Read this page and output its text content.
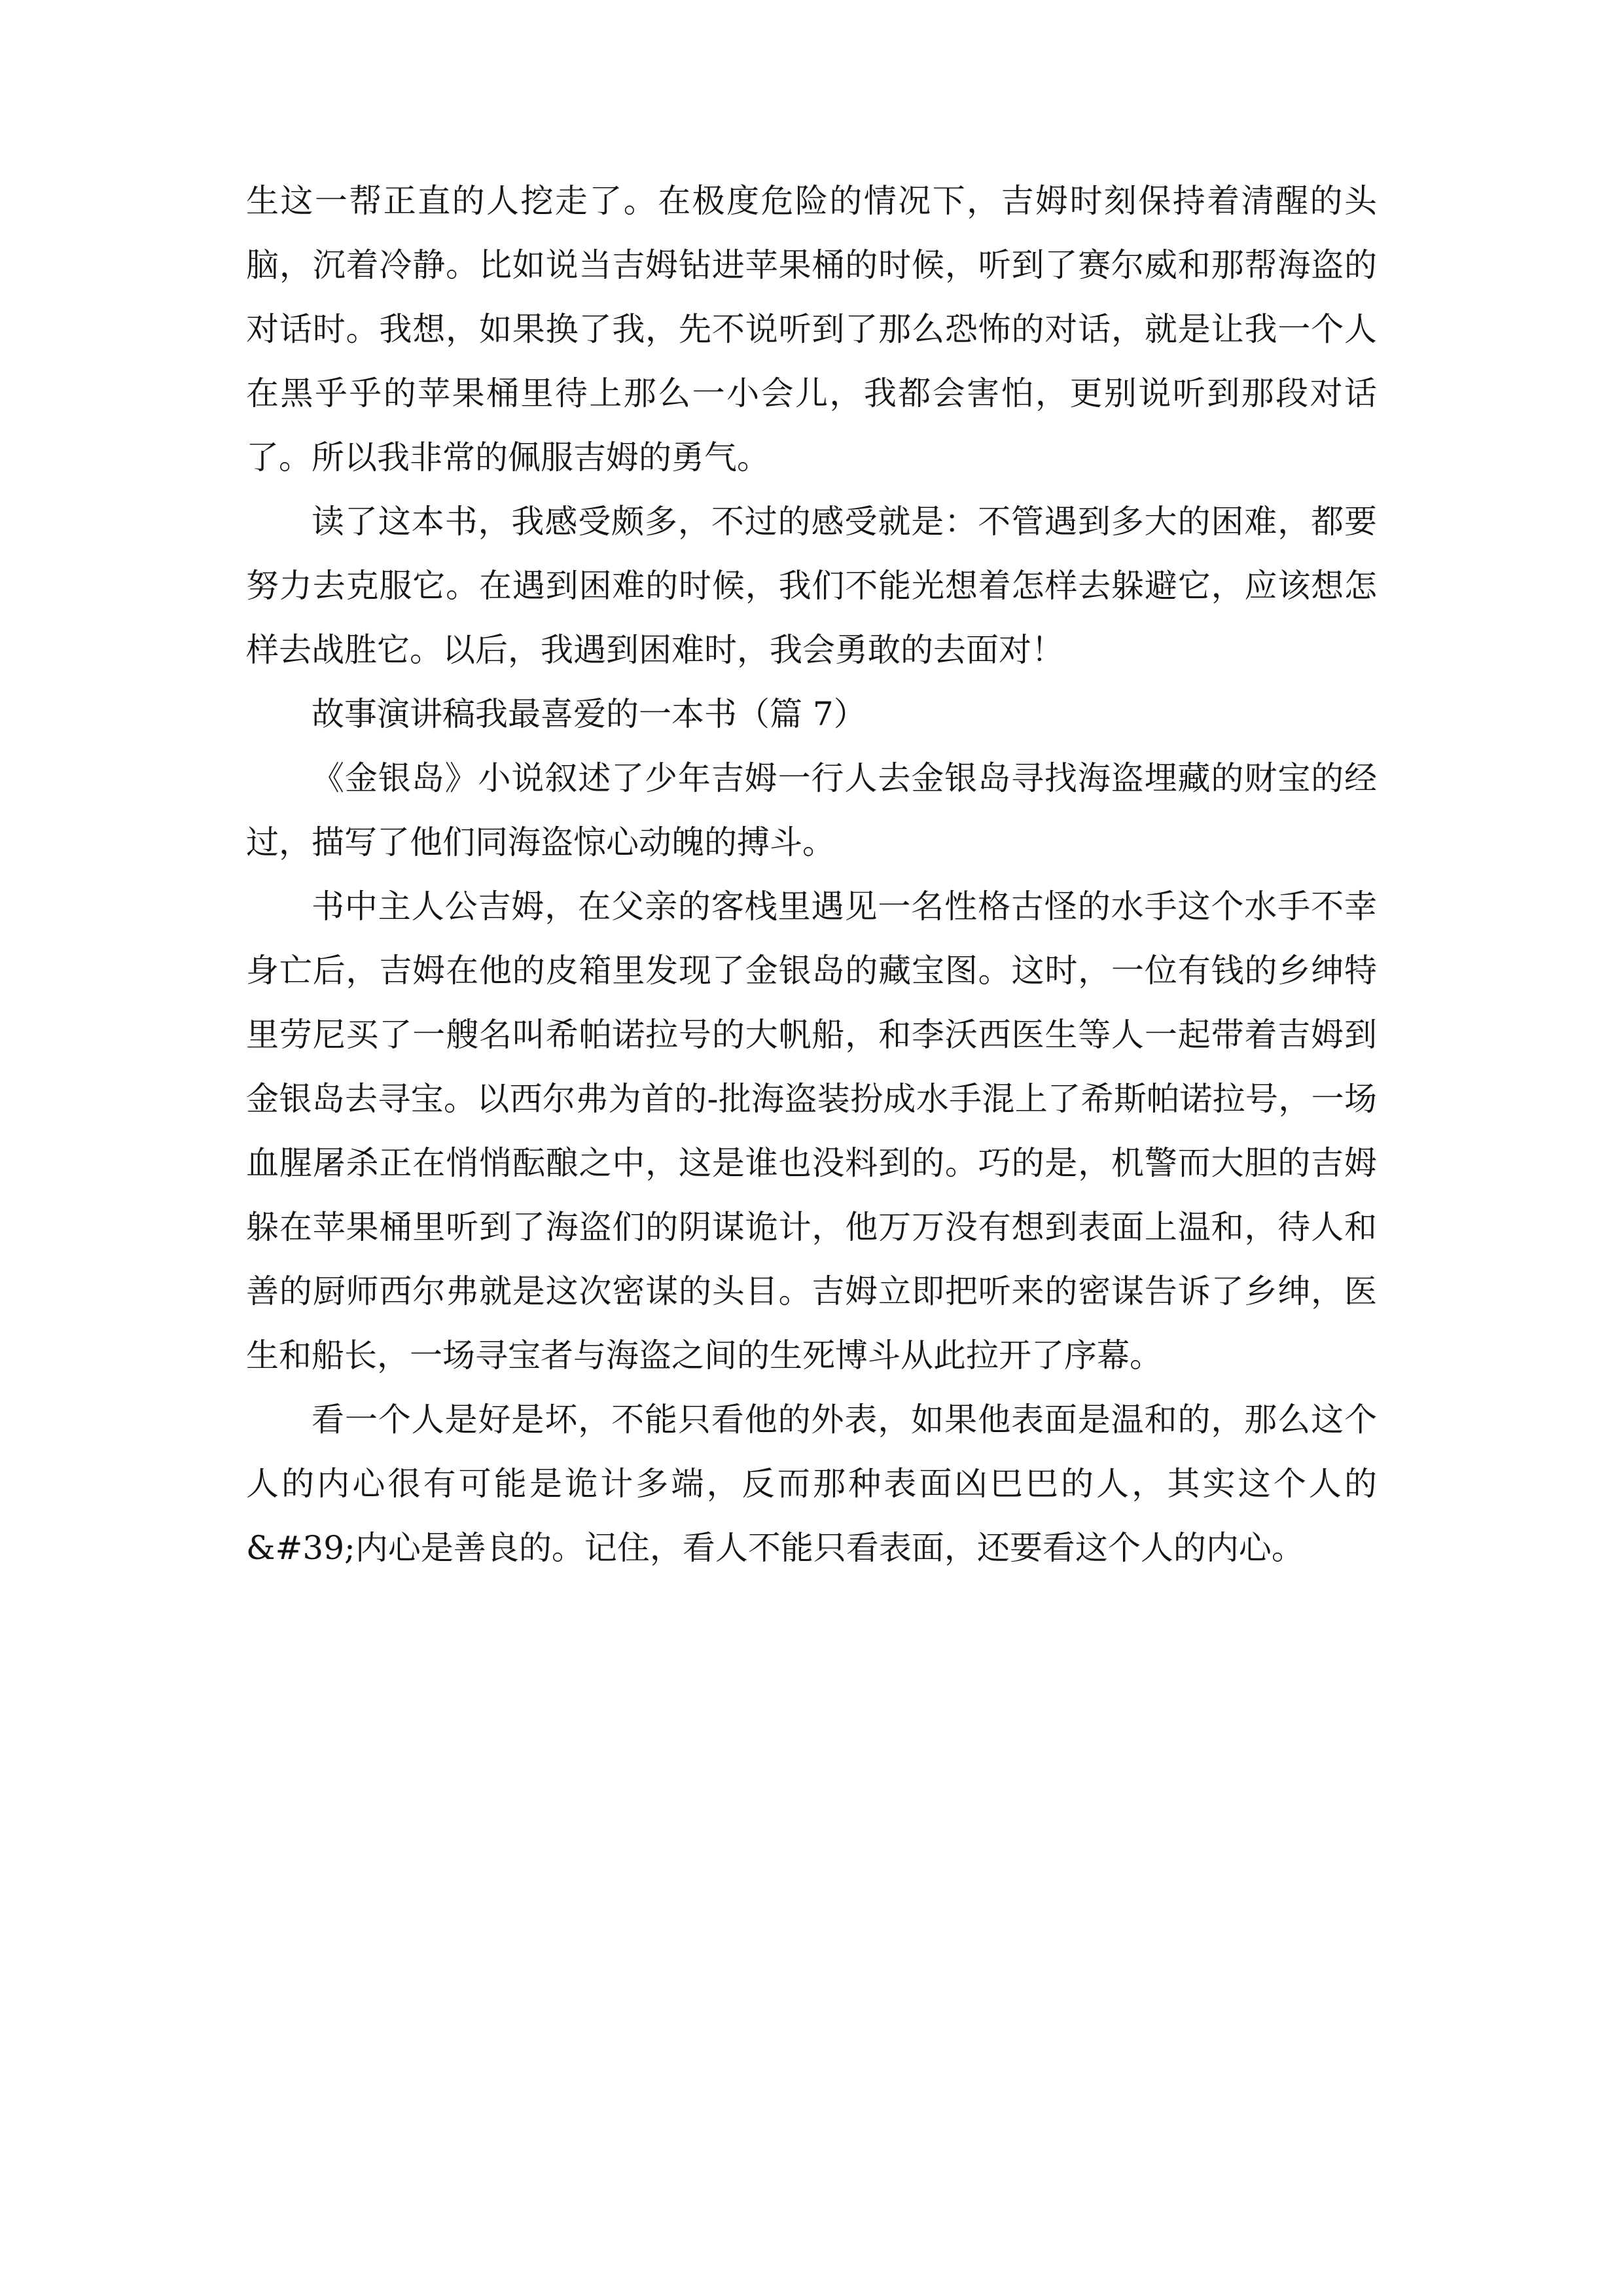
生这一帮正直的人挖走了。在极度危险的情况下，吉姆时刻保持着清醒的头脑，沉着冷静。比如说当吉姆钻进苹果桶的时候，听到了赛尔威和那帮海盗的对话时。我想，如果换了我，先不说听到了那么恐怖的对话，就是让我一个人在黑乎乎的苹果桶里待上那么一小会儿，我都会害怕，更别说听到那段对话了。所以我非常的佩服吉姆的勇气。

读了这本书，我感受颇多，不过的感受就是：不管遇到多大的困难，都要努力去克服它。在遇到困难的时候，我们不能光想着怎样去躲避它，应该想怎样去战胜它。以后，我遇到困难时，我会勇敢的去面对！

故事演讲稿我最喜爱的一本书（篇 7）

《金银岛》小说叙述了少年吉姆一行人去金银岛寻找海盗埋藏的财宝的经过，描写了他们同海盗惊心动魄的搏斗。

书中主人公吉姆，在父亲的客栈里遇见一名性格古怪的水手这个水手不幸身亡后，吉姆在他的皮箱里发现了金银岛的藏宝图。这时，一位有钱的乡绅特里劳尼买了一艘名叫希帕诺拉号的大帆船，和李沃西医生等人一起带着吉姆到金银岛去寻宝。以西尔弗为首的-批海盗装扮成水手混上了希斯帕诺拉号，一场血腥屠杀正在悄悄酝酿之中，这是谁也没料到的。巧的是，机警而大胆的吉姆躲在苹果桶里听到了海盗们的阴谋诡计，他万万没有想到表面上温和，待人和善的厨师西尔弗就是这次密谋的头目。吉姆立即把听来的密谋告诉了乡绅，医生和船长，一场寻宝者与海盗之间的生死博斗从此拉开了序幕。

看一个人是好是坏，不能只看他的外表，如果他表面是温和的，那么这个人的内心很有可能是诡计多端，反而那种表面凶巴巴的人，其实这个人的&#39;内心是善良的。记住，看人不能只看表面，还要看这个人的内心。
